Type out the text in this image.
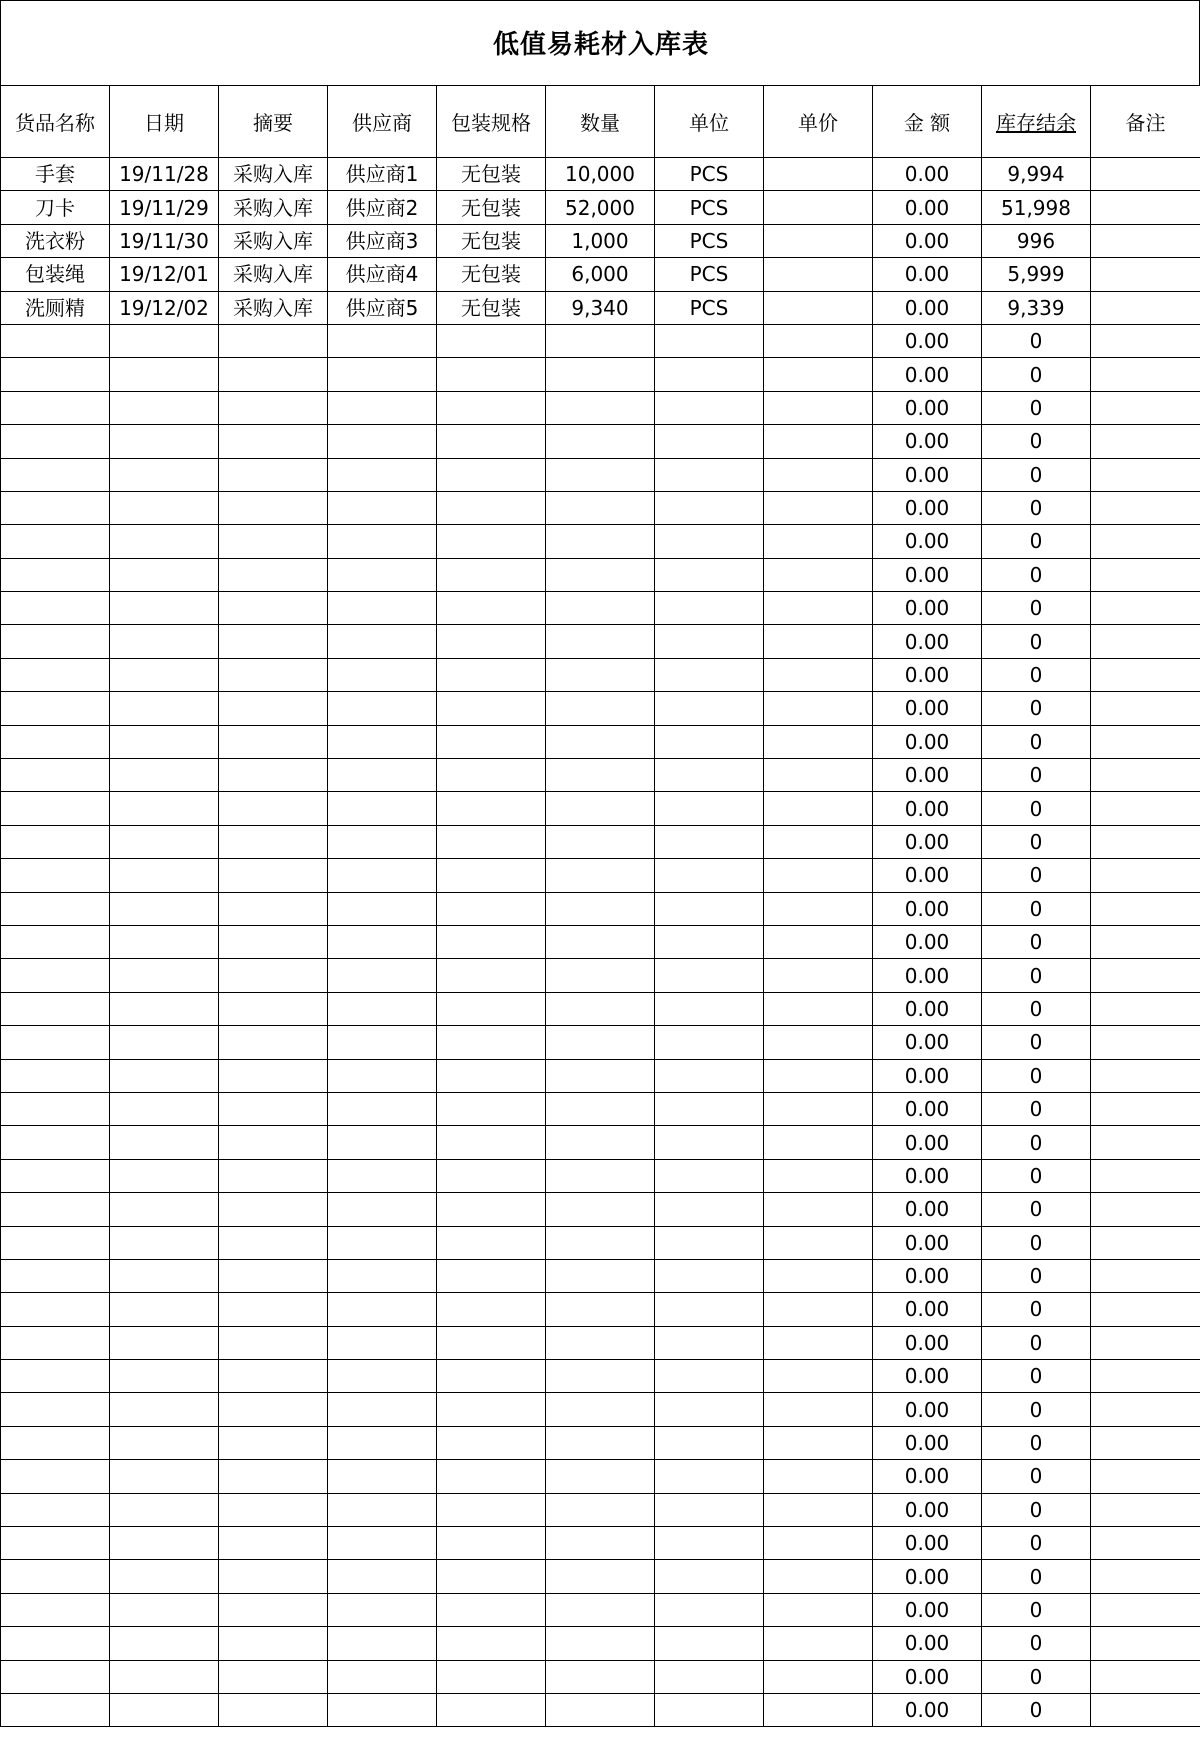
低值易耗材入库表
货品名称	日期	摘要	供应商	包装规格	数量	单位	单价	金 额	库存结余	备注
手套	19/11/28	采购入库	供应商1	无包装	10,000	PCS		0.00	9,994	
刀卡	19/11/29	采购入库	供应商2	无包装	52,000	PCS		0.00	51,998	
洗衣粉	19/11/30	采购入库	供应商3	无包装	1,000	PCS		0.00	996	
包装绳	19/12/01	采购入库	供应商4	无包装	6,000	PCS		0.00	5,999	
洗厕精	19/12/02	采购入库	供应商5	无包装	9,340	PCS		0.00	9,339	
								0.00	0	
								0.00	0	
								0.00	0	
								0.00	0	
								0.00	0	
								0.00	0	
								0.00	0	
								0.00	0	
								0.00	0	
								0.00	0	
								0.00	0	
								0.00	0	
								0.00	0	
								0.00	0	
								0.00	0	
								0.00	0	
								0.00	0	
								0.00	0	
								0.00	0	
								0.00	0	
								0.00	0	
								0.00	0	
								0.00	0	
								0.00	0	
								0.00	0	
								0.00	0	
								0.00	0	
								0.00	0	
								0.00	0	
								0.00	0	
								0.00	0	
								0.00	0	
								0.00	0	
								0.00	0	
								0.00	0	
								0.00	0	
								0.00	0	
								0.00	0	
								0.00	0	
								0.00	0	
								0.00	0	
								0.00	0	
